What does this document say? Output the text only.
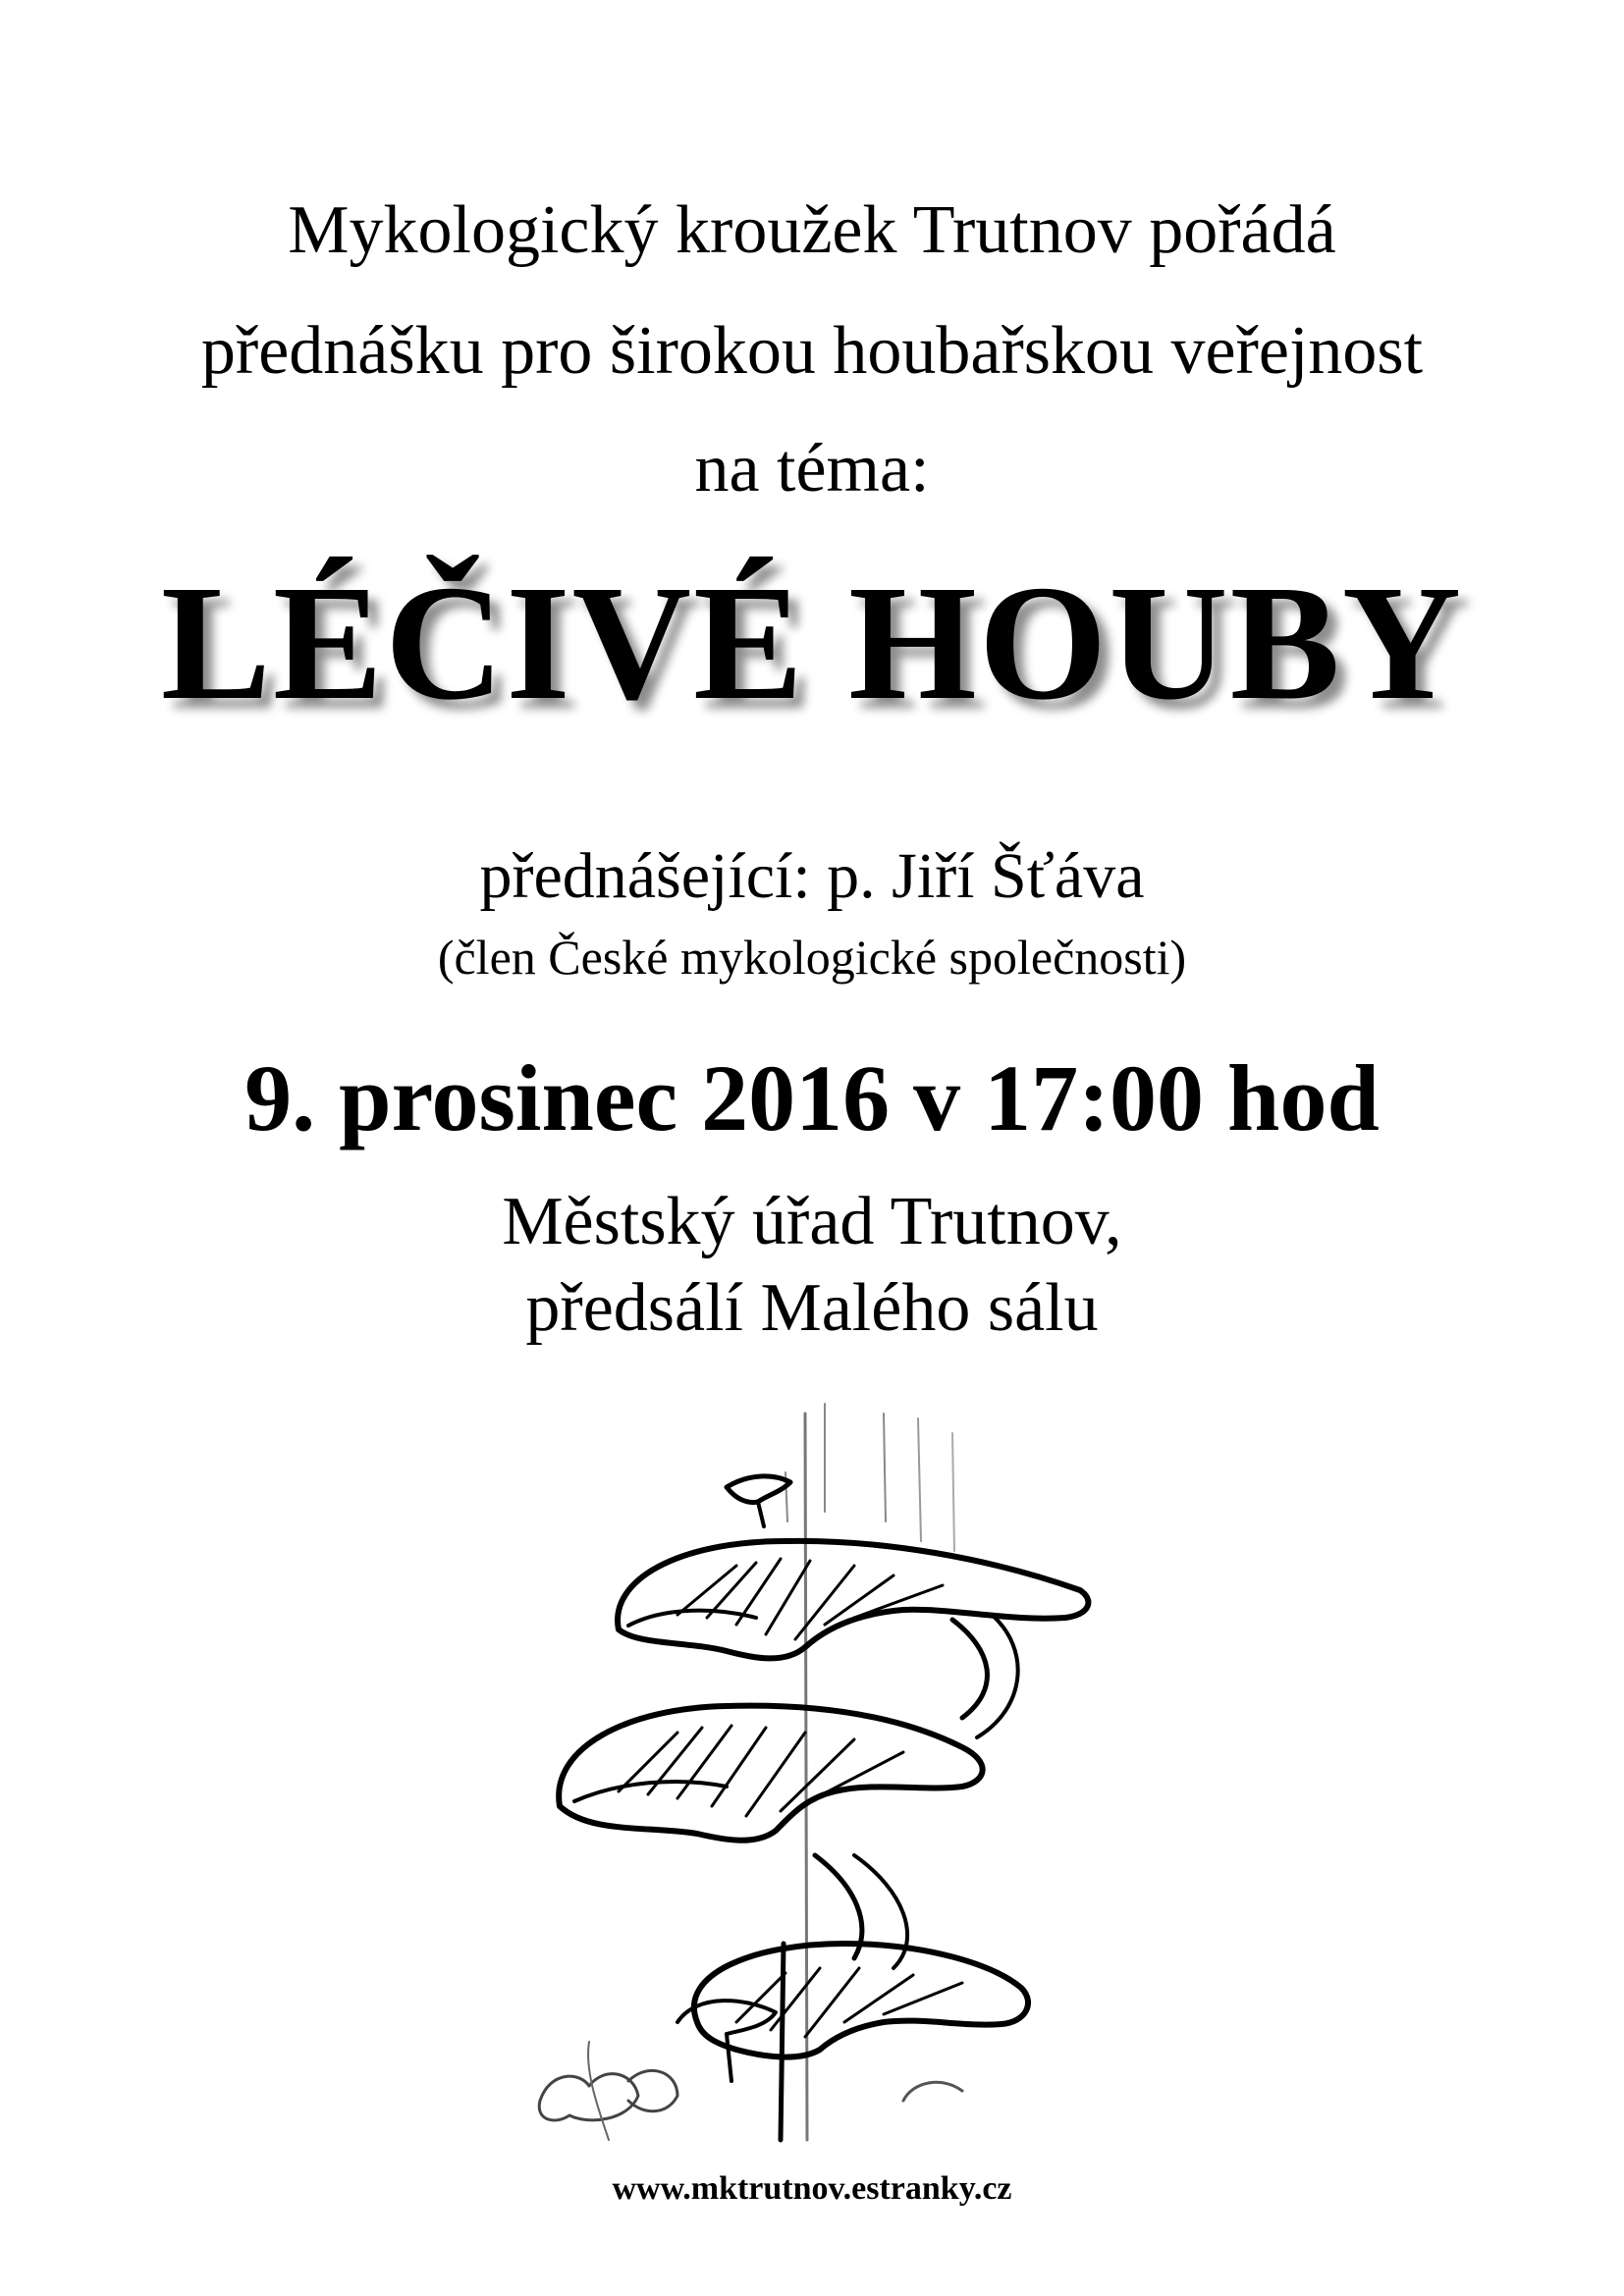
Mykologický kroužek Trutnov pořádá
přednášku pro širokou houbařskou veřejnost
na téma:
LÉČIVÉ HOUBY
přednášející: p. Jiří Šťáva
(člen České mykologické společnosti)
9. prosinec 2016 v 17:00 hod
Městský úřad Trutnov,
předsálí Malého sálu
www.mktrutnov.estranky.cz
